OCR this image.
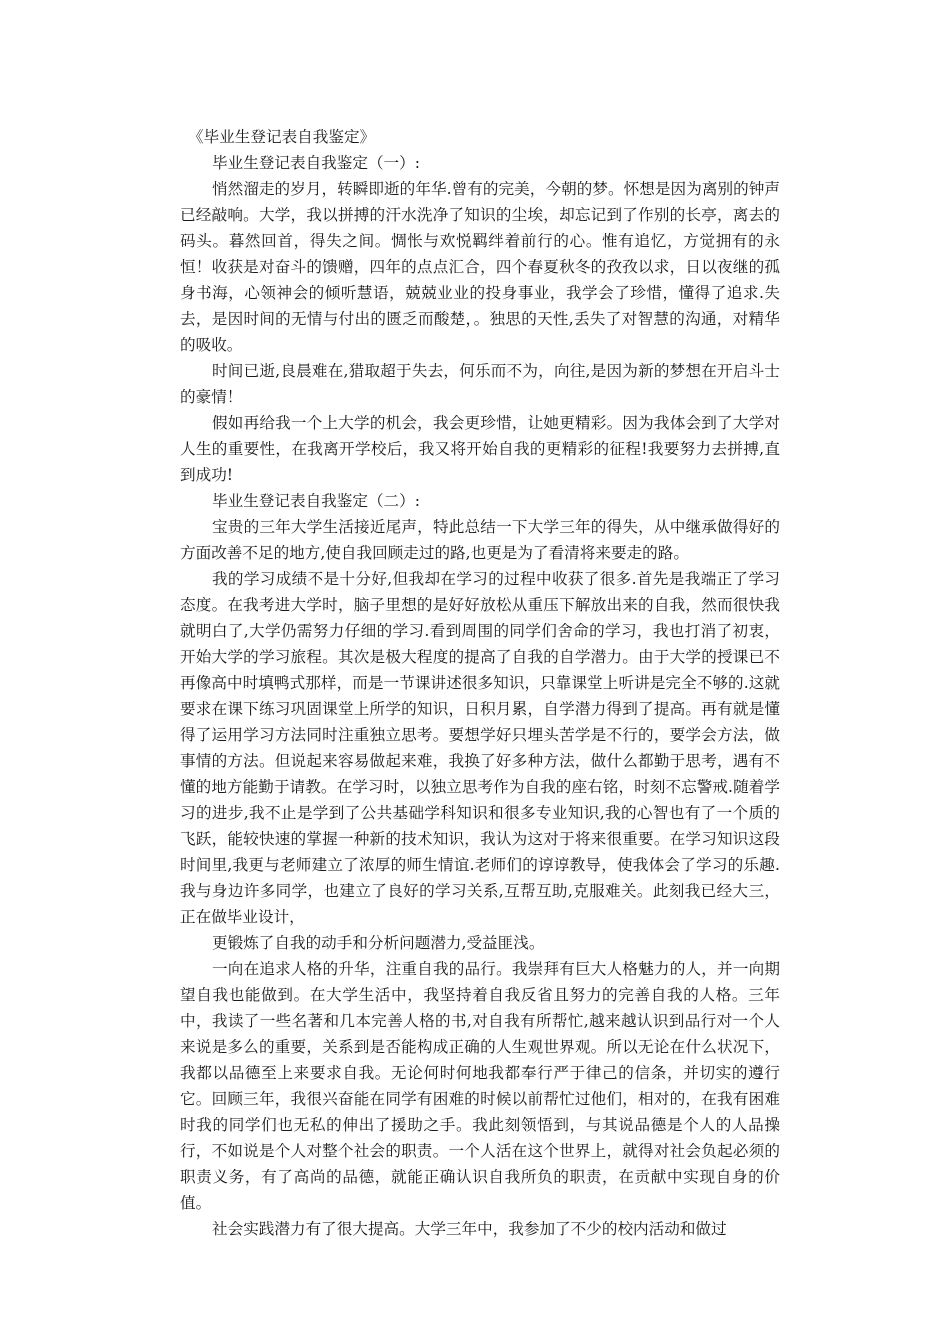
《毕业生登记表自我鉴定》

毕业生登记表自我鉴定（一）:

悄然溜走的岁月，转瞬即逝的年华.曾有的完美，今朝的梦。怀想是因为离别的钟声已经敲响。大学，我以拼搏的汗水洗净了知识的尘埃，却忘记到了作别的长亭，离去的码头。暮然回首，得失之间。惆怅与欢悦羁绊着前行的心。惟有追忆，方觉拥有的永恒！收获是对奋斗的馈赠，四年的点点汇合，四个春夏秋冬的孜孜以求，日以夜继的孤身书海，心领神会的倾听慧语，兢兢业业的投身事业，我学会了珍惜，懂得了追求.失去，是因时间的无情与付出的匮乏而酸楚，。独思的天性,丢失了对智慧的沟通，对精华的吸收。

时间已逝,良晨难在,猎取超于失去，何乐而不为，向往,是因为新的梦想在开启斗士的豪情！

假如再给我一个上大学的机会，我会更珍惜，让她更精彩。因为我体会到了大学对人生的重要性，在我离开学校后，我又将开始自我的更精彩的征程!我要努力去拼搏,直到成功!

毕业生登记表自我鉴定（二）:

宝贵的三年大学生活接近尾声，特此总结一下大学三年的得失，从中继承做得好的方面改善不足的地方,使自我回顾走过的路,也更是为了看清将来要走的路。

我的学习成绩不是十分好,但我却在学习的过程中收获了很多.首先是我端正了学习态度。在我考进大学时，脑子里想的是好好放松从重压下解放出来的自我，然而很快我就明白了,大学仍需努力仔细的学习.看到周围的同学们舍命的学习，我也打消了初衷，开始大学的学习旅程。其次是极大程度的提高了自我的自学潜力。由于大学的授课已不再像高中时填鸭式那样，而是一节课讲述很多知识，只靠课堂上听讲是完全不够的.这就要求在课下练习巩固课堂上所学的知识，日积月累，自学潜力得到了提高。再有就是懂得了运用学习方法同时注重独立思考。要想学好只埋头苦学是不行的，要学会方法，做事情的方法。但说起来容易做起来难，我换了好多种方法，做什么都勤于思考，遇有不懂的地方能勤于请教。在学习时，以独立思考作为自我的座右铭，时刻不忘警戒.随着学习的进步,我不止是学到了公共基础学科知识和很多专业知识,我的心智也有了一个质的飞跃，能较快速的掌握一种新的技术知识，我认为这对于将来很重要。在学习知识这段时间里,我更与老师建立了浓厚的师生情谊.老师们的谆谆教导，使我体会了学习的乐趣.我与身边许多同学，也建立了良好的学习关系,互帮互助,克服难关。此刻我已经大三，正在做毕业设计，

更锻炼了自我的动手和分析问题潜力,受益匪浅。

一向在追求人格的升华，注重自我的品行。我崇拜有巨大人格魅力的人，并一向期望自我也能做到。在大学生活中，我坚持着自我反省且努力的完善自我的人格。三年中，我读了一些名著和几本完善人格的书,对自我有所帮忙,越来越认识到品行对一个人来说是多么的重要，关系到是否能构成正确的人生观世界观。所以无论在什么状况下，我都以品德至上来要求自我。无论何时何地我都奉行严于律己的信条，并切实的遵行它。回顾三年，我很兴奋能在同学有困难的时候以前帮忙过他们，相对的，在我有困难时我的同学们也无私的伸出了援助之手。我此刻领悟到，与其说品德是个人的人品操行，不如说是个人对整个社会的职责。一个人活在这个世界上，就得对社会负起必须的职责义务，有了高尚的品德，就能正确认识自我所负的职责，在贡献中实现自身的价值。

社会实践潜力有了很大提高。大学三年中，我参加了不少的校内活动和做过
